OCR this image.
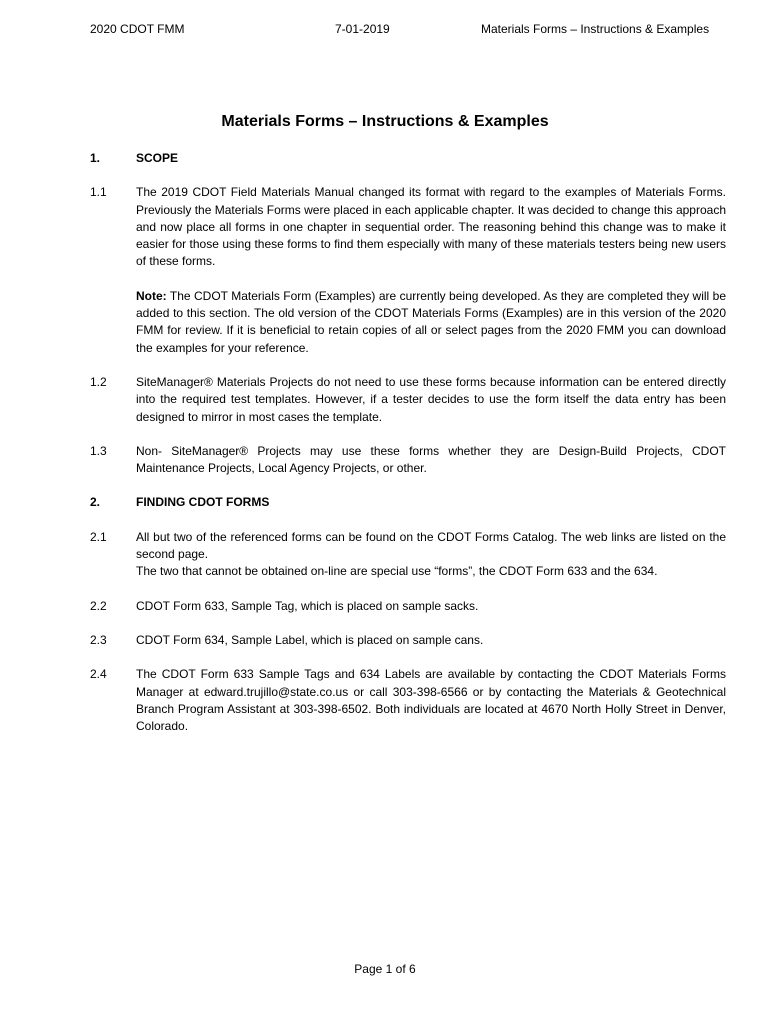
2020 CDOT FMM	7-01-2019	Materials Forms – Instructions & Examples
Materials Forms – Instructions & Examples
1.	SCOPE
1.1	The 2019 CDOT Field Materials Manual changed its format with regard to the examples of Materials Forms. Previously the Materials Forms were placed in each applicable chapter. It was decided to change this approach and now place all forms in one chapter in sequential order. The reasoning behind this change was to make it easier for those using these forms to find them especially with many of these materials testers being new users of these forms.

Note: The CDOT Materials Form (Examples) are currently being developed. As they are completed they will be added to this section. The old version of the CDOT Materials Forms (Examples) are in this version of the 2020 FMM for review. If it is beneficial to retain copies of all or select pages from the 2020 FMM you can download the examples for your reference.

1.2	SiteManager® Materials Projects do not need to use these forms because information can be entered directly into the required test templates. However, if a tester decides to use the form itself the data entry has been designed to mirror in most cases the template.
1.3	Non- SiteManager® Projects may use these forms whether they are Design-Build Projects, CDOT Maintenance Projects, Local Agency Projects, or other.
2.	FINDING CDOT FORMS
2.1	All but two of the referenced forms can be found on the CDOT Forms Catalog. The web links are listed on the second page.

The two that cannot be obtained on-line are special use “forms”, the CDOT Form 633 and the 634.

2.2	CDOT Form 633, Sample Tag, which is placed on sample sacks.
2.3	CDOT Form 634, Sample Label, which is placed on sample cans.
2.4	The CDOT Form 633 Sample Tags and 634 Labels are available by contacting the CDOT Materials Forms Manager at edward.trujillo@state.co.us or call 303-398-6566 or by contacting the Materials & Geotechnical Branch Program Assistant at 303-398-6502. Both individuals are located at 4670 North Holly Street in Denver, Colorado.
Page 1 of 6
